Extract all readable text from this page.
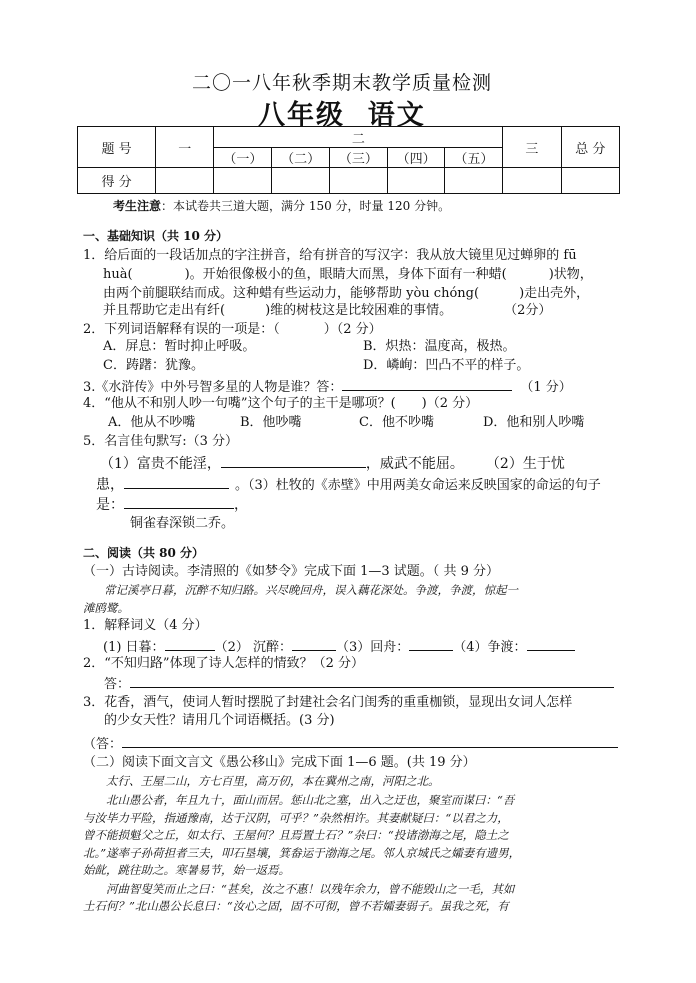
二〇一八年秋季期末教学质量检测
八年级  语文
题 号	一	二					三	总 分
		（一）	（二）	（三）	（四）	（五）		
得 分								
考生注意：本试卷共三道大题，满分 150 分，时量 120 分钟。
一、基础知识（共 10 分）
1．给后面的一段话加点的字注拼音，给有拼音的写汉字：我从放大镜里见过蝉卵的 fū
huà(	)。开始很像极小的鱼，眼睛大而黑，身体下面有一种蜡(	)状物，
由两个前腿联结而成。这种蜡有些运动力，能够帮助 yòu chóng(	)走出壳外，
并且帮助它走出有纤(	)维的树枝这是比较困难的事情。	（2分）
2．下列词语解释有误的一项是：（	）（2 分）
A．屏息：暂时抑止呼吸。	B．炽热：温度高，极热。
C．踌躇：犹豫。	D．嶙峋：凹凸不平的样子。
3.《水浒传》中外号智多星的人物是谁？答：	（1 分）
4．“他从不和别人吵一句嘴”这个句子的主干是哪项？( )（2 分）
A．他从不吵嘴	B．他吵嘴	C．他不吵嘴	D．他和别人吵嘴
5．名言佳句默写:（3 分）
（1）富贵不能淫，	，威武不能屈。 （2）生于忧
患，	。（3）杜牧的《赤壁》中用两美女命运来反映国家的命运的句子
是：	，
铜雀春深锁二乔。
二、阅读（共 80 分）
（一）古诗阅读。李清照的《如梦令》完成下面 1—3 试题。（ 共 9 分）
常记溪亭日暮，沉醉不知归路。兴尽晚回舟，误入藕花深处。争渡，争渡，惊起一
滩鸥鹭。
1．解释词义（4 分）
(1) 日暮：	（2） 沉醉：	（3）回舟：	（4）争渡：
2．“不知归路”体现了诗人怎样的情致？（2 分）
答：
3．花香，酒气，使词人暂时摆脱了封建社会名门闺秀的重重枷锁，显现出女词人怎样
的少女天性？请用几个词语概括。(3 分)
（答：
（二）阅读下面文言文《愚公移山》完成下面 1—6 题。(共 19 分）
太行、王屋二山，方七百里，高万仞，本在冀州之南，河阳之北。
北山愚公者，年且九十，面山而居。惩山北之塞，出入之迂也，聚室而谋曰：“吾
与汝毕力平险，指通豫南，达于汉阴，可乎？”杂然相许。其妻献疑曰：“以君之力，
曾不能损魁父之丘，如太行、王屋何？且焉置土石？”杂曰：“投诸渤海之尾，隐土之
北。”遂率子孙荷担者三夫，叩石垦壤，箕畚运于渤海之尾。邻人京城氏之孀妻有遗男，
始龀，跳往助之。寒暑易节，始一返焉。
河曲智叟笑而止之曰：“甚矣，汝之不惠！以残年余力，曾不能毁山之一毛，其如
土石何？”北山愚公长息曰：“汝心之固，固不可彻，曾不若孀妻弱子。虽我之死，有
